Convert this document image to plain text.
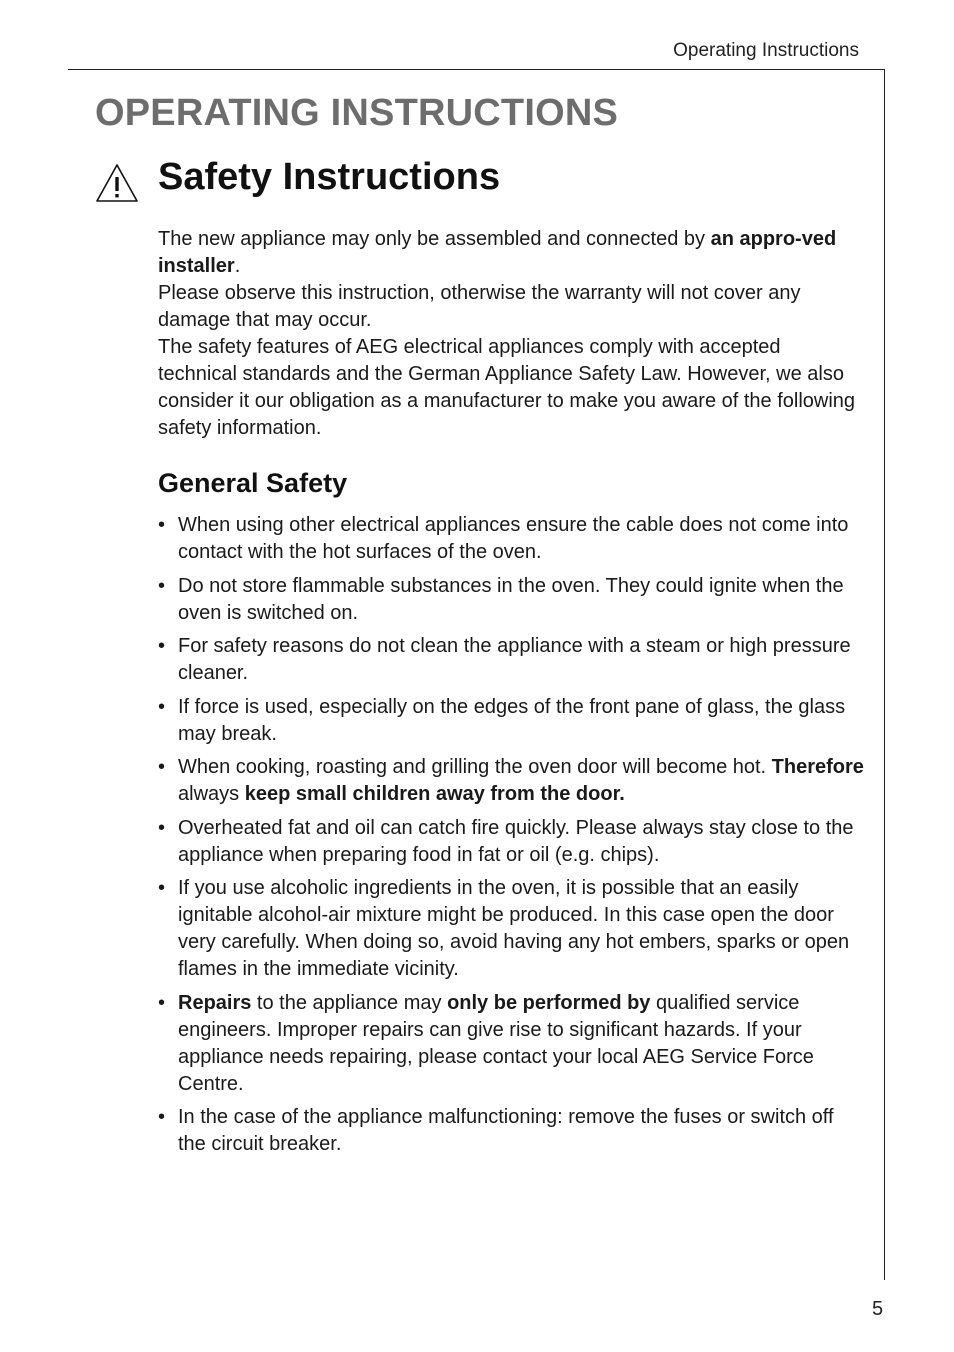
Operating Instructions
OPERATING INSTRUCTIONS
Safety Instructions

The new appliance may only be assembled and connected by an appro‑ved installer.

Please observe this instruction, otherwise the warranty will not cover any damage that may occur.

The safety features of AEG electrical appliances comply with accepted technical standards and the German Appliance Safety Law. However, we also consider it our obligation as a manufacturer to make you aware of the following safety information.

General Safety
• When using other electrical appliances ensure the cable does not come into contact with the hot surfaces of the oven.
• Do not store flammable substances in the oven. They could ignite when the oven is switched on.
• For safety reasons do not clean the appliance with a steam or high pressure cleaner.
• If force is used, especially on the edges of the front pane of glass, the glass may break.
• When cooking, roasting and grilling the oven door will become hot. Therefore always keep small children away from the door.
• Overheated fat and oil can catch fire quickly. Please always stay close to the appliance when preparing food in fat or oil (e.g. chips).
• If you use alcoholic ingredients in the oven, it is possible that an easily ignitable alcohol-air mixture might be produced. In this case open the door very carefully. When doing so, avoid having any hot embers, sparks or open flames in the immediate vicinity.
• Repairs to the appliance may only be performed by qualified service engineers. Improper repairs can give rise to significant hazards. If your appliance needs repairing, please contact your local AEG Service Force Centre.
• In the case of the appliance malfunctioning: remove the fuses or switch off the circuit breaker.
5
